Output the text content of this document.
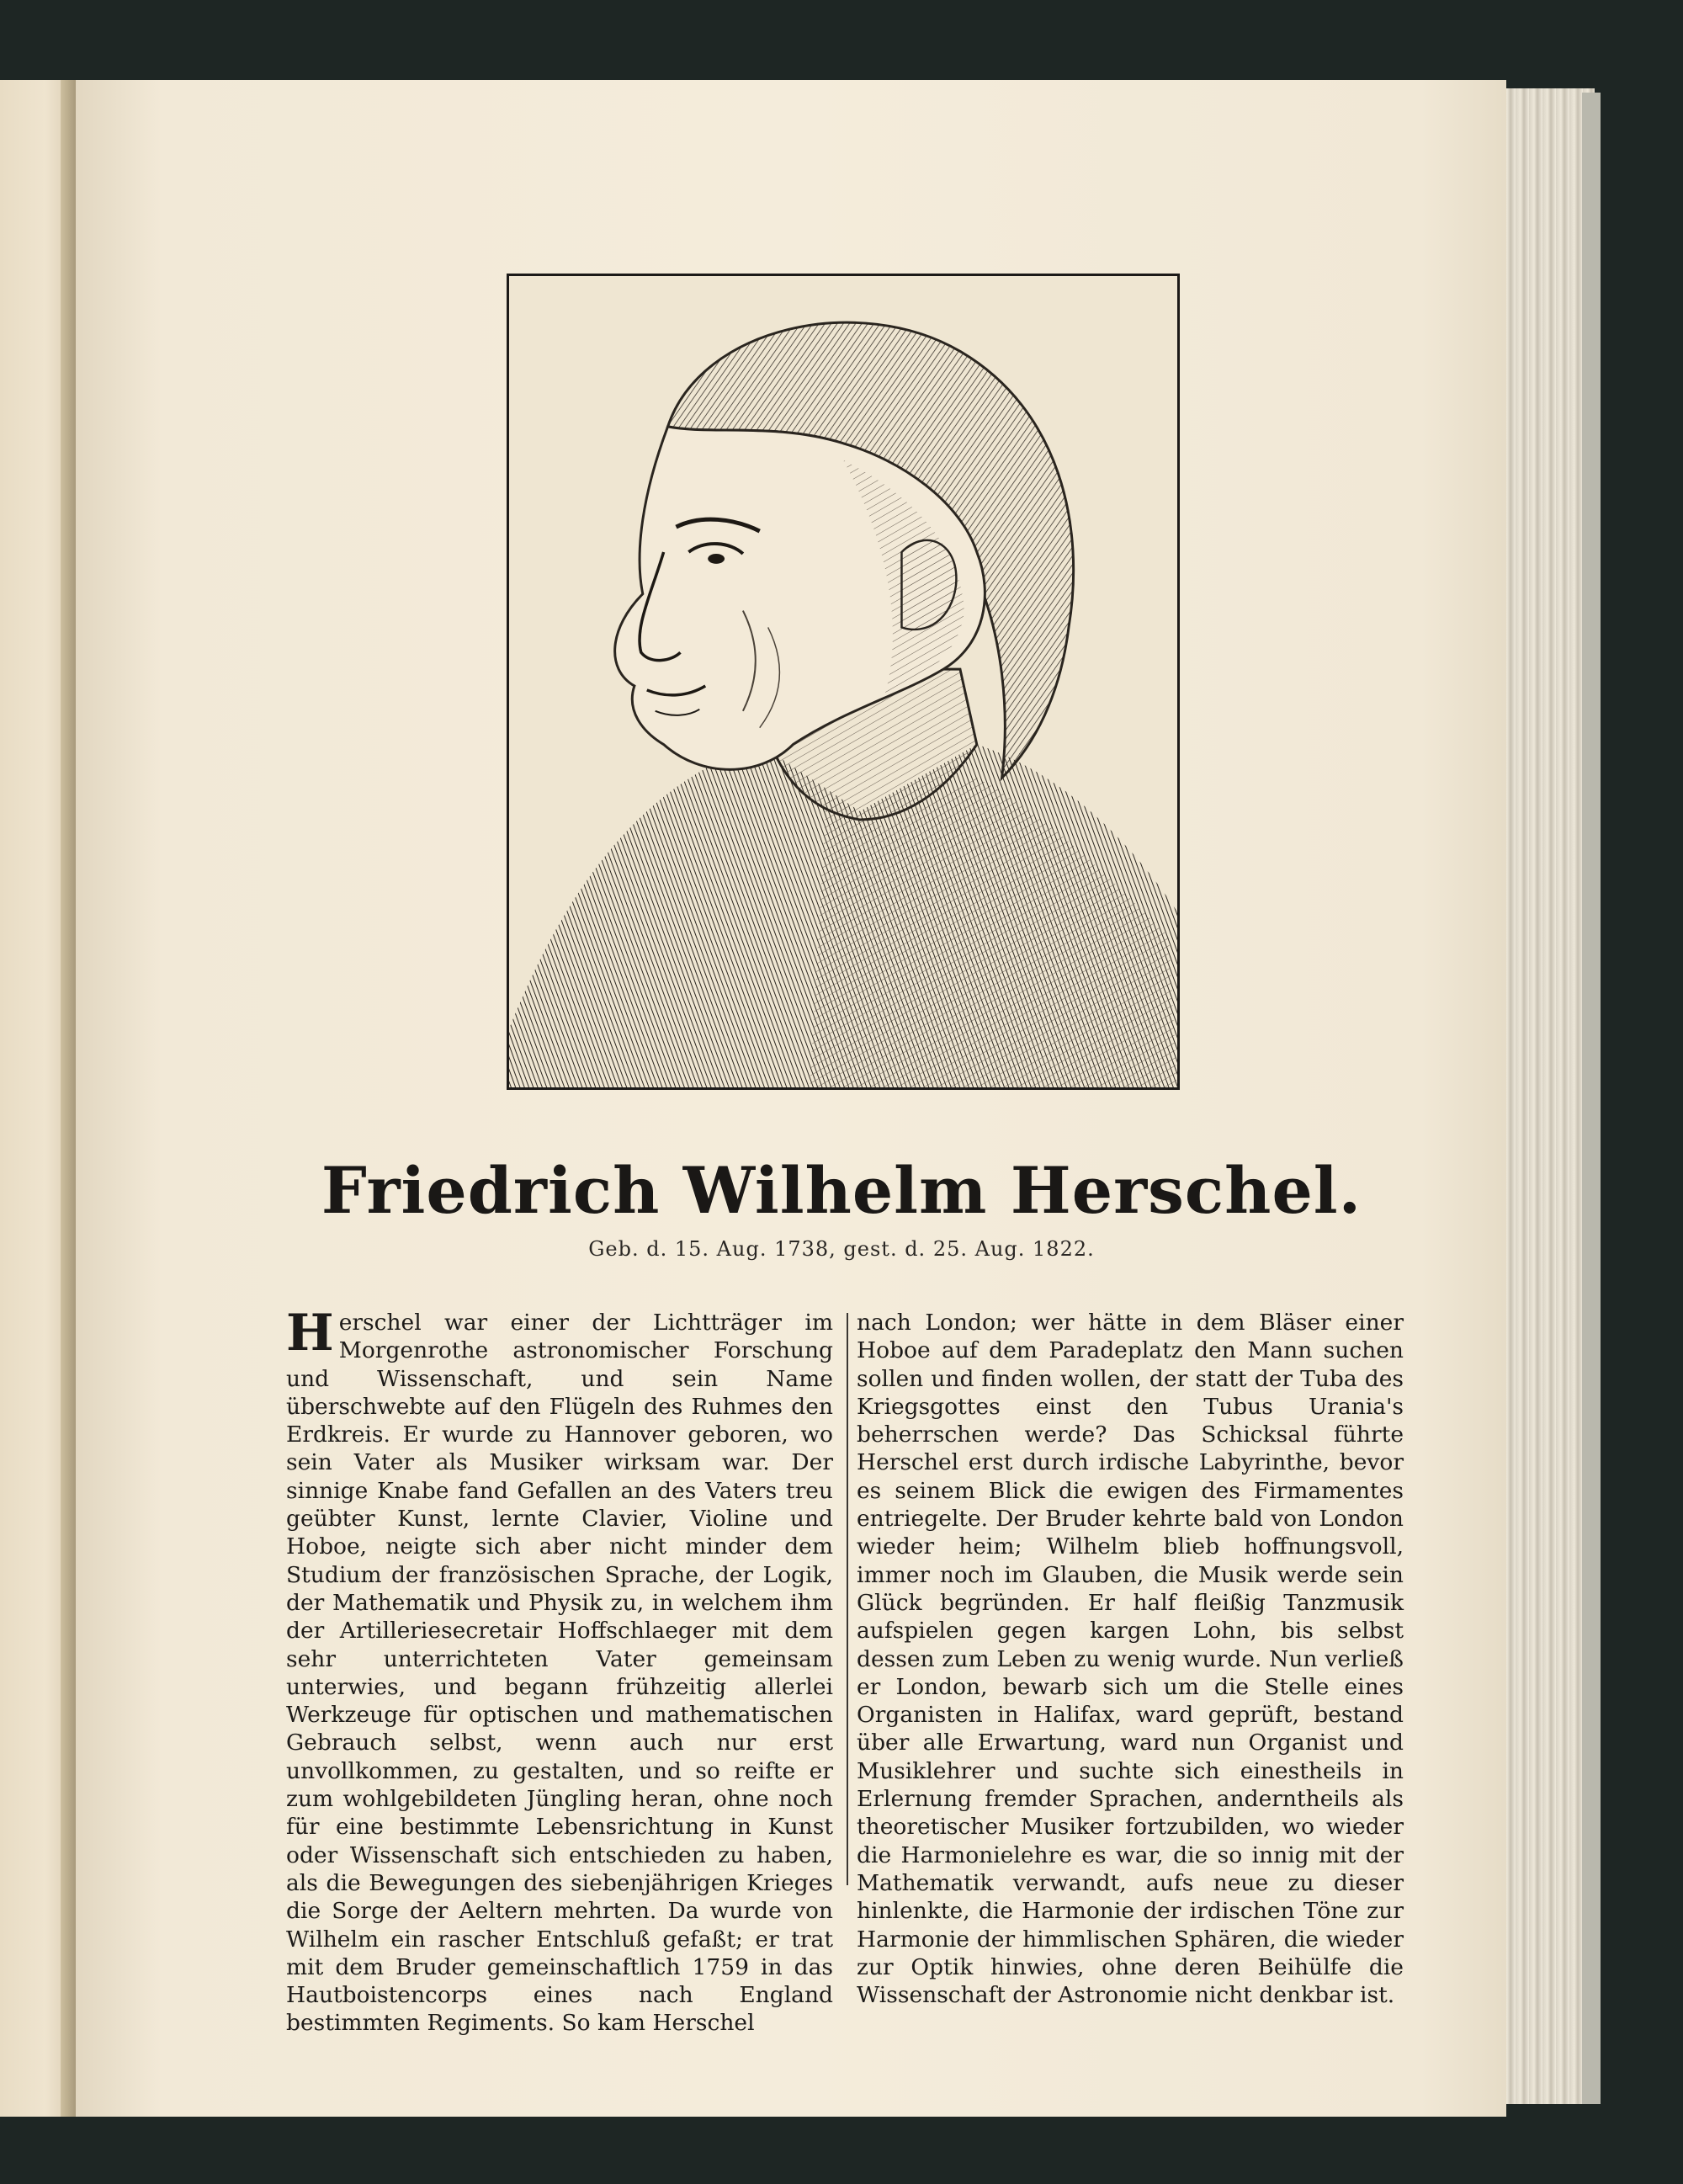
Friedrich Wilhelm Herschel.
Geb. d. 15. Aug. 1738, gest. d. 25. Aug. 1822.
Herschel war einer der Lichtträger im Morgenrothe astronomischer Forschung und Wissenschaft, und sein Name überschwebte auf den Flügeln des Ruhmes den Erdkreis. Er wurde zu Hannover geboren, wo sein Vater als Musiker wirksam war. Der sinnige Knabe fand Gefallen an des Vaters treu geübter Kunst, lernte Clavier, Violine und Hoboe, neigte sich aber nicht minder dem Studium der französischen Sprache, der Logik, der Mathematik und Physik zu, in welchem ihm der Artilleriesecretair Hoffschlaeger mit dem sehr unterrichteten Vater gemeinsam unterwies, und begann frühzeitig allerlei Werkzeuge für optischen und mathematischen Gebrauch selbst, wenn auch nur erst unvollkommen, zu gestalten, und so reifte er zum wohlgebildeten Jüngling heran, ohne noch für eine bestimmte Lebensrichtung in Kunst oder Wissenschaft sich entschieden zu haben, als die Bewegungen des siebenjährigen Krieges die Sorge der Aeltern mehrten. Da wurde von Wilhelm ein rascher Entschluß gefaßt; er trat mit dem Bruder gemeinschaftlich 1759 in das Hautboistencorps eines nach England bestimmten Regiments. So kam Herschel
nach London; wer hätte in dem Bläser einer Hoboe auf dem Paradeplatz den Mann suchen sollen und finden wollen, der statt der Tuba des Kriegsgottes einst den Tubus Urania's beherrschen werde? Das Schicksal führte Herschel erst durch irdische Labyrinthe, bevor es seinem Blick die ewigen des Firmamentes entriegelte. Der Bruder kehrte bald von London wieder heim; Wilhelm blieb hoffnungsvoll, immer noch im Glauben, die Musik werde sein Glück begründen. Er half fleißig Tanzmusik aufspielen gegen kargen Lohn, bis selbst dessen zum Leben zu wenig wurde. Nun verließ er London, bewarb sich um die Stelle eines Organisten in Halifax, ward geprüft, bestand über alle Erwartung, ward nun Organist und Musiklehrer und suchte sich einestheils in Erlernung fremder Sprachen, anderntheils als theoretischer Musiker fortzubilden, wo wieder die Harmonielehre es war, die so innig mit der Mathematik verwandt, aufs neue zu dieser hinlenkte, die Harmonie der irdischen Töne zur Harmonie der himmlischen Sphären, die wieder zur Optik hinwies, ohne deren Beihülfe die Wissenschaft der Astronomie nicht denkbar ist.
